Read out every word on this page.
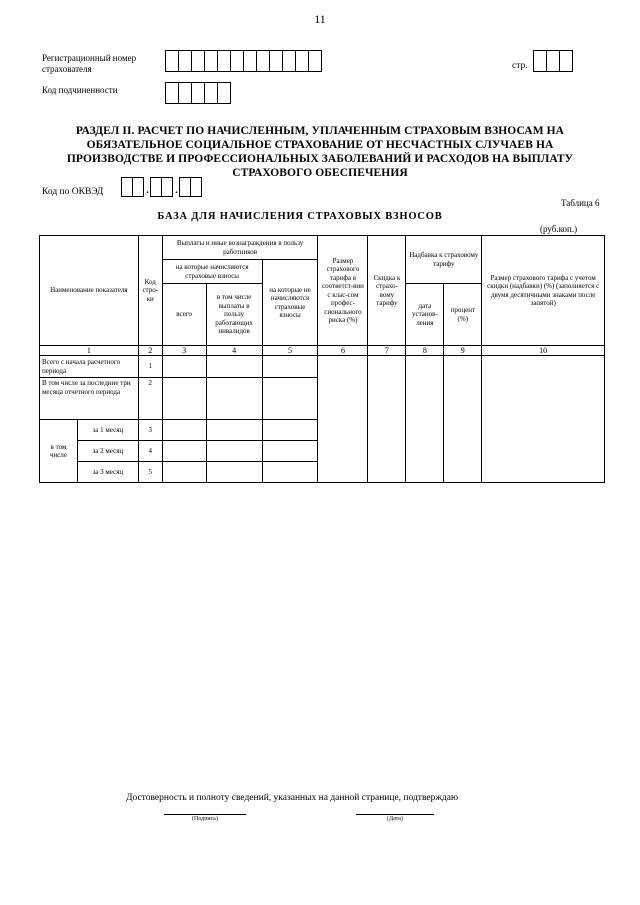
11
Регистрационный номер страхователя	стр.
Код подчиненности
РАЗДЕЛ II. РАСЧЕТ ПО НАЧИСЛЕННЫМ, УПЛАЧЕННЫМ СТРАХОВЫМ ВЗНОСАМ НА ОБЯЗАТЕЛЬНОЕ СОЦИАЛЬНОЕ СТРАХОВАНИЕ ОТ НЕСЧАСТНЫХ СЛУЧАЕВ НА ПРОИЗВОДСТВЕ И ПРОФЕССИОНАЛЬНЫХ ЗАБОЛЕВАНИЙ И РАСХОДОВ НА ВЫПЛАТУ СТРАХОВОГО ОБЕСПЕЧЕНИЯ
Код по ОКВЭД	. .
Таблица 6
БАЗА ДЛЯ НАЧИСЛЕНИЯ СТРАХОВЫХ ВЗНОСОВ
(руб.коп.)
Наименование показателя		Код стро-ки	Выплаты и иные вознаграждения в пользу работников			Размер страхового тарифа в соответст-вии с клас-сом профес-сионального риска (%)	Скидка к страхо-вому тарифу	Надбавка к страховому тарифу		Размер страхового тарифа с учетом скидки (надбавки) (%) (заполняется с двумя десятичными знаками после запятой)
			на которые начисляются страховые взносы		на которые не начисляются страховые взносы					
			всего	в том числе выплаты в пользу работающих инвалидов				дата установ-ления	процент (%)	
1		2	3	4	5	6	7	8	9	10
Всего с начала расчетного периода		1								
В том числе за последние три месяца отчетного периода		2								
в том числе	за 1 месяц	3								
	за 2 месяц	4								
	за 3 месяц	5								
Достоверность и полноту сведений, указанных на данной странице, подтверждаю
(Подпись)	(Дата)
